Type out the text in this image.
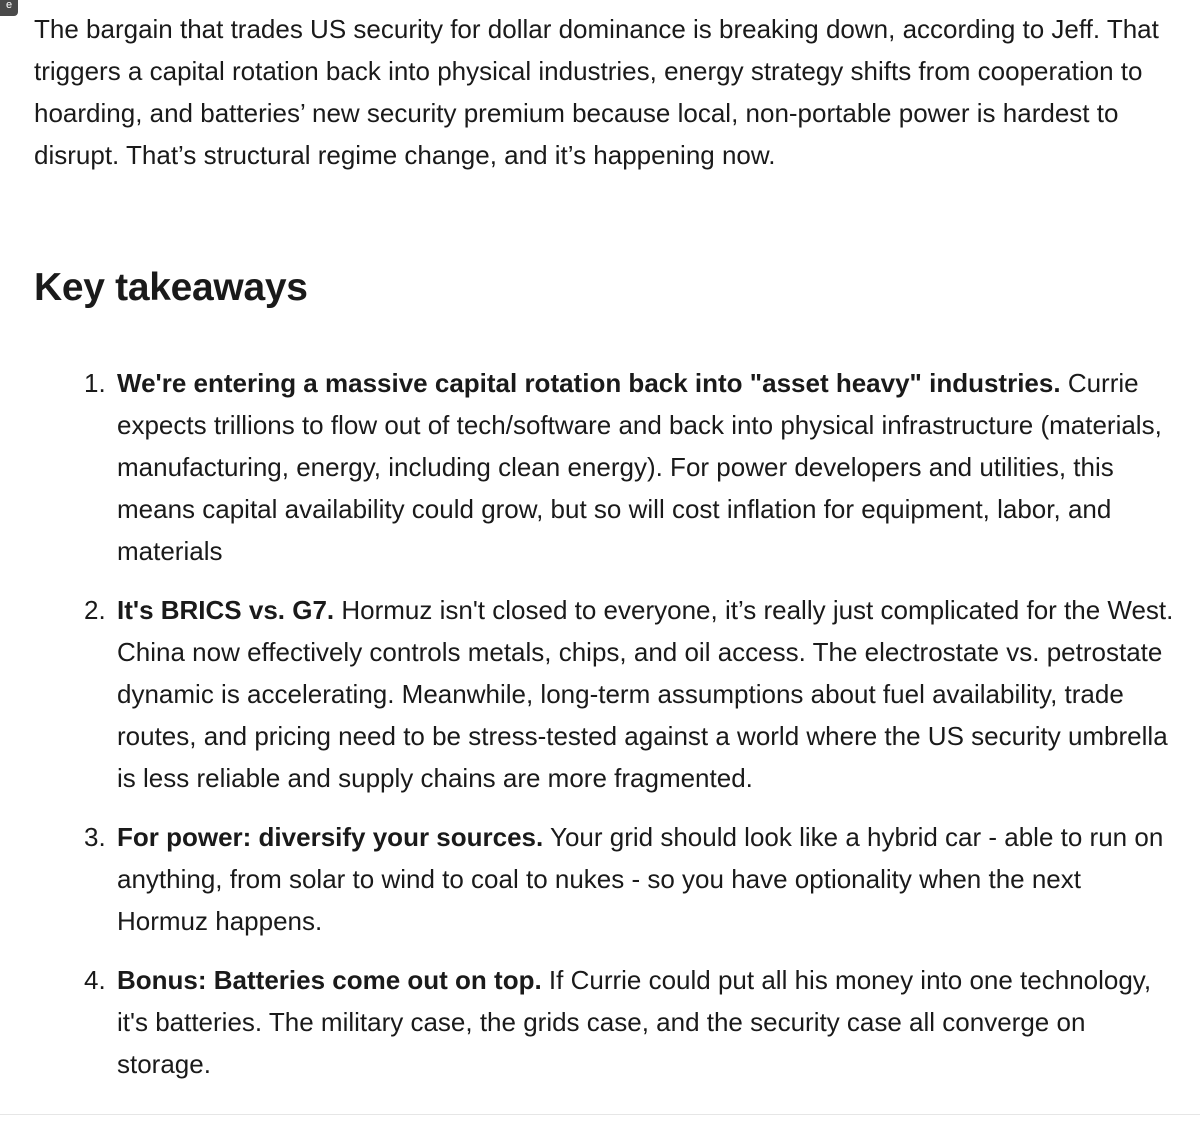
e

The bargain that trades US security for dollar dominance is breaking down, according to Jeff. That triggers a capital rotation back into physical industries, energy strategy shifts from cooperation to hoarding, and batteries’ new security premium because local, non-portable power is hardest to disrupt. That’s structural regime change, and it’s happening now.

Key takeaways
1. We're entering a massive capital rotation back into "asset heavy" industries. Currie expects trillions to flow out of tech/software and back into physical infrastructure (materials, manufacturing, energy, including clean energy). For power developers and utilities, this means capital availability could grow, but so will cost inflation for equipment, labor, and materials
2. It's BRICS vs. G7. Hormuz isn't closed to everyone, it’s really just complicated for the West. China now effectively controls metals, chips, and oil access. The electrostate vs. petrostate dynamic is accelerating. Meanwhile, long-term assumptions about fuel availability, trade routes, and pricing need to be stress-tested against a world where the US security umbrella is less reliable and supply chains are more fragmented.
3. For power: diversify your sources. Your grid should look like a hybrid car - able to run on anything, from solar to wind to coal to nukes - so you have optionality when the next Hormuz happens.
4. Bonus: Batteries come out on top. If Currie could put all his money into one technology, it's batteries. The military case, the grids case, and the security case all converge on storage.
